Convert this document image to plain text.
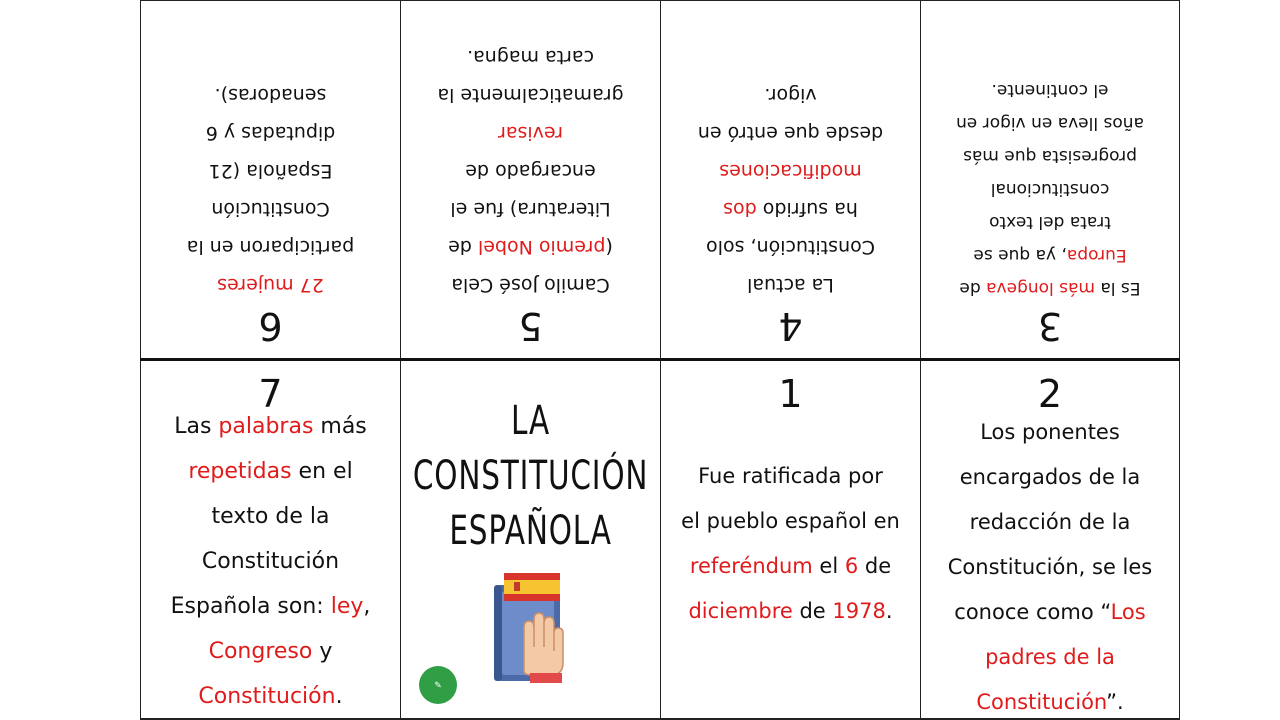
6
27 mujeres
participaron en la
Constitución
Española (21
diputadas y 6
senadoras).
5
Camilo José Cela
(premio Nobel de
Literatura) fue el
encargado de
revisar
gramaticalmente la
carta magna.
4
La actual
Constitución, solo
ha sufrido dos
modificaciones
desde que entró en
vigor.
3
Es la más longeva de
Europa, ya que se
trata del texto
constitucional
progresista que más
años lleva en vigor en
el continente.
7
Las palabras más
repetidas en el
texto de la
Constitución
Española son: ley,
Congreso y
Constitución.
LA
CONSTITUCIÓN
ESPAÑOLA
✎
1
Fue ratificada por
el pueblo español en
referéndum el 6 de
diciembre de 1978.
2
Los ponentes
encargados de la
redacción de la
Constitución, se les
conoce como “Los
padres de la
Constitución”.
